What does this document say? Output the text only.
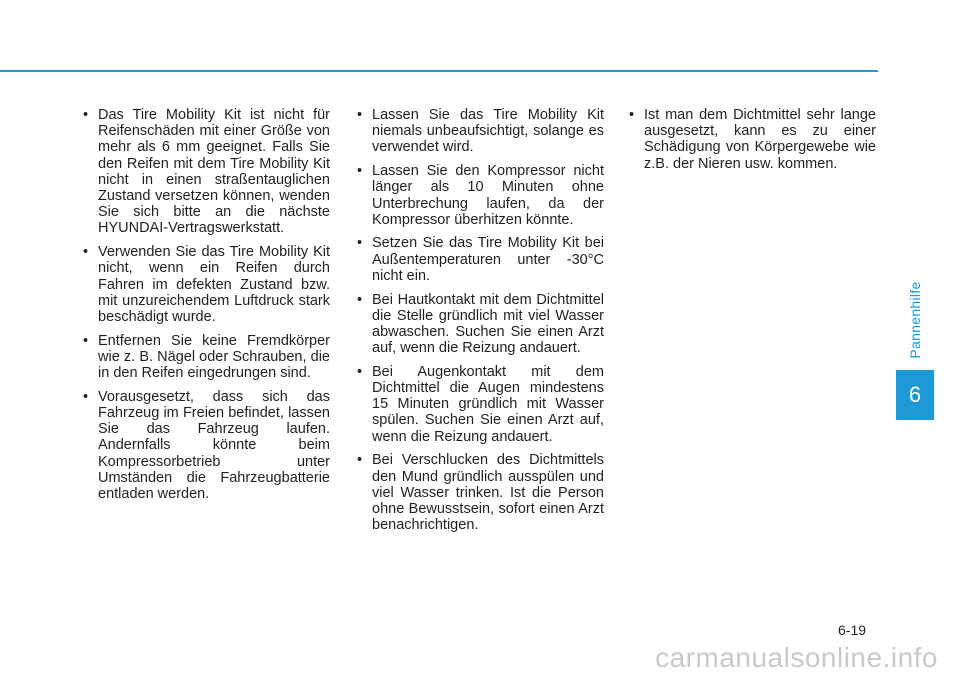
• Das Tire Mobility Kit ist nicht für Reifenschäden mit einer Größe von mehr als 6 mm geeignet. Falls Sie den Reifen mit dem Tire Mobility Kit nicht in einen straßentauglichen Zustand versetzen können, wenden Sie sich bitte an die nächste HYUNDAI-Vertragswerkstatt.
• Verwenden Sie das Tire Mobility Kit nicht, wenn ein Reifen durch Fahren im defekten Zustand bzw. mit unzureichendem Luftdruck stark beschädigt wurde.
• Entfernen Sie keine Fremdkörper wie z. B. Nägel oder Schrauben, die in den Reifen eingedrungen sind.
• Vorausgesetzt, dass sich das Fahrzeug im Freien befindet, lassen Sie das Fahrzeug laufen. Andernfalls könnte beim Kompressorbetrieb unter Umständen die Fahrzeugbatterie entladen werden.
• Lassen Sie das Tire Mobility Kit niemals unbeaufsichtigt, solange es verwendet wird.
• Lassen Sie den Kompressor nicht länger als 10 Minuten ohne Unterbrechung laufen, da der Kompressor überhitzen könnte.
• Setzen Sie das Tire Mobility Kit bei Außentemperaturen unter -30°C nicht ein.
• Bei Hautkontakt mit dem Dichtmittel die Stelle gründlich mit viel Wasser abwaschen. Suchen Sie einen Arzt auf, wenn die Reizung andauert.
• Bei Augenkontakt mit dem Dichtmittel die Augen mindestens 15 Minuten gründlich mit Wasser spülen. Suchen Sie einen Arzt auf, wenn die Reizung andauert.
• Bei Verschlucken des Dichtmittels den Mund gründlich ausspülen und viel Wasser trinken. Ist die Person ohne Bewusstsein, sofort einen Arzt benachrichtigen.
• Ist man dem Dichtmittel sehr lange ausgesetzt, kann es zu einer Schädigung von Körpergewebe wie z.B. der Nieren usw. kommen.
Pannenhilfe
6
6-19
carmanualsonline.info
